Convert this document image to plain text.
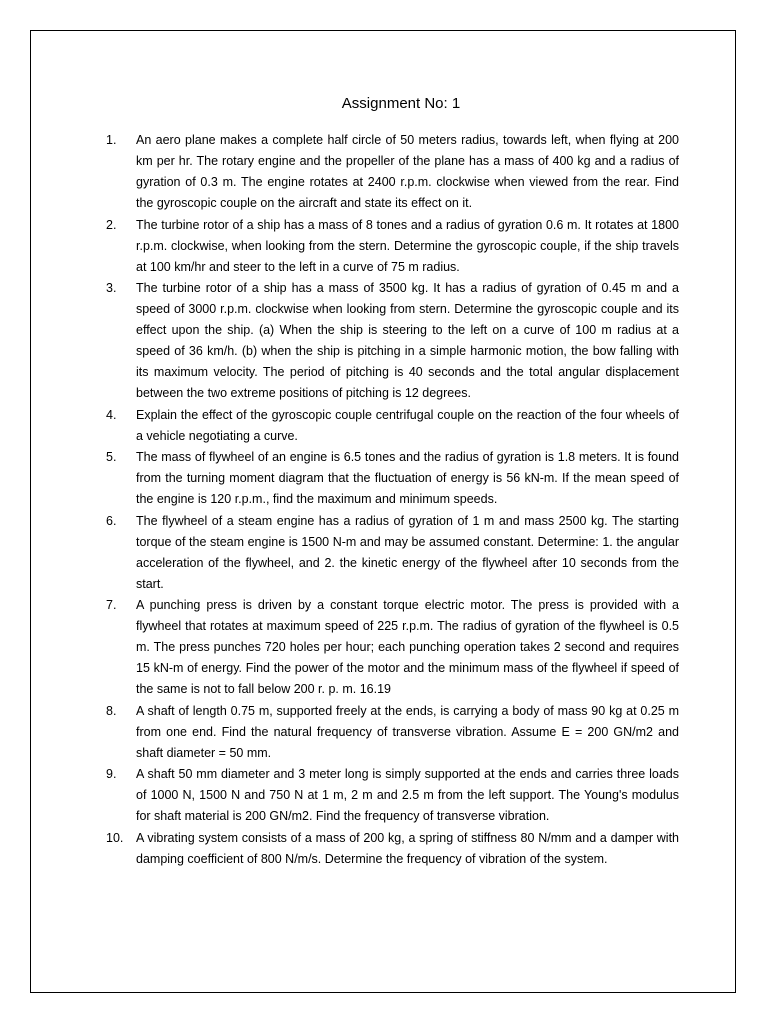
Assignment No: 1
1.	An aero plane makes a complete half circle of 50 meters radius, towards left, when flying at 200 km per hr. The rotary engine and the propeller of the plane has a mass of 400 kg and a radius of gyration of 0.3 m. The engine rotates at 2400 r.p.m. clockwise when viewed from the rear. Find the gyroscopic couple on the aircraft and state its effect on it.
2.	The turbine rotor of a ship has a mass of 8 tones and a radius of gyration 0.6 m. It rotates at 1800 r.p.m. clockwise, when looking from the stern. Determine the gyroscopic couple, if the ship travels at 100 km/hr and steer to the left in a curve of 75 m radius.
3.	The turbine rotor of a ship has a mass of 3500 kg. It has a radius of gyration of 0.45 m and a speed of 3000 r.p.m. clockwise when looking from stern. Determine the gyroscopic couple and its effect upon the ship. (a) When the ship is steering to the left on a curve of 100 m radius at a speed of 36 km/h. (b) when the ship is pitching in a simple harmonic motion, the bow falling with its maximum velocity. The period of pitching is 40 seconds and the total angular displacement between the two extreme positions of pitching is 12 degrees.
4.	Explain the effect of the gyroscopic couple centrifugal couple on the reaction of the four wheels of a vehicle negotiating a curve.
5.	The mass of flywheel of an engine is 6.5 tones and the radius of gyration is 1.8 meters. It is found from the turning moment diagram that the fluctuation of energy is 56 kN-m. If the mean speed of the engine is 120 r.p.m., find the maximum and minimum speeds.
6.	The flywheel of a steam engine has a radius of gyration of 1 m and mass 2500 kg. The starting torque of the steam engine is 1500 N-m and may be assumed constant. Determine: 1. the angular acceleration of the flywheel, and 2. the kinetic energy of the flywheel after 10 seconds from the start.
7.	A punching press is driven by a constant torque electric motor. The press is provided with a flywheel that rotates at maximum speed of 225 r.p.m. The radius of gyration of the flywheel is 0.5 m. The press punches 720 holes per hour; each punching operation takes 2 second and requires 15 kN-m of energy. Find the power of the motor and the minimum mass of the flywheel if speed of the same is not to fall below 200 r. p. m. 16.19
8.	A shaft of length 0.75 m, supported freely at the ends, is carrying a body of mass 90 kg at 0.25 m from one end. Find the natural frequency of transverse vibration. Assume E = 200 GN/m2 and shaft diameter = 50 mm.
9.	A shaft 50 mm diameter and 3 meter long is simply supported at the ends and carries three loads of 1000 N, 1500 N and 750 N at 1 m, 2 m and 2.5 m from the left support. The Young's modulus for shaft material is 200 GN/m2. Find the frequency of transverse vibration.
10.	A vibrating system consists of a mass of 200 kg, a spring of stiffness 80 N/mm and a damper with damping coefficient of 800 N/m/s. Determine the frequency of vibration of the system.
